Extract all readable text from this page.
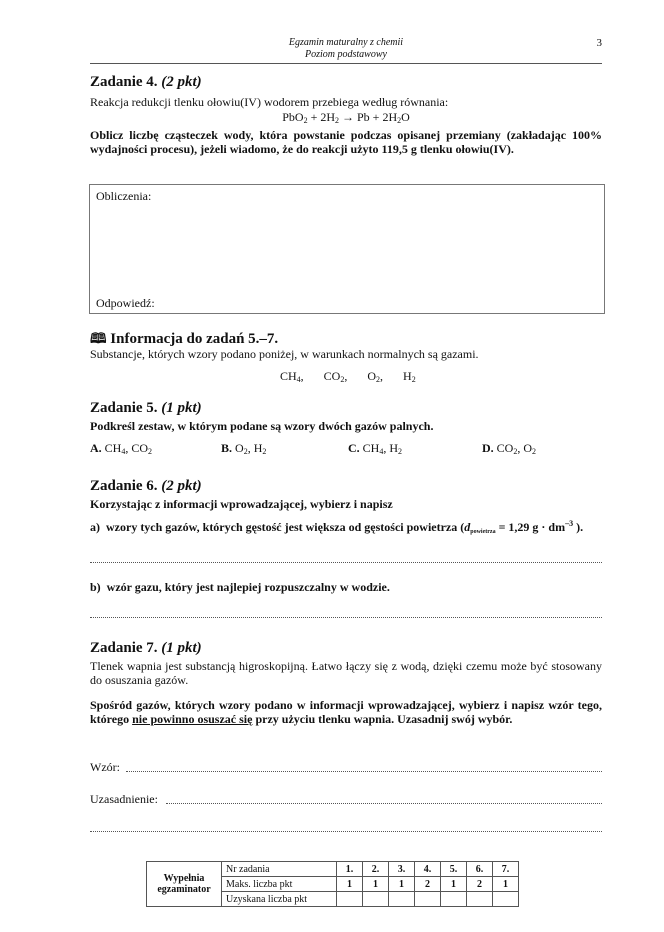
Egzamin maturalny z chemii
Poziom podstawowy
3
Zadanie 4. (2 pkt)
Reakcja redukcji tlenku ołowiu(IV) wodorem przebiega według równania:
$PbO_2 + 2H_2 \to Pb + 2H_2O$
Oblicz liczbę cząsteczek wody, która powstanie podczas opisanej przemiany (zakładając 100% wydajności procesu), jeżeli wiadomo, że do reakcji użyto 119,5 g tlenku ołowiu(IV).
Obliczenia:
Odpowiedź:
🕮 Informacja do zadań 5.–7.
Substancje, których wzory podano poniżej, w warunkach normalnych są gazami.
$CH_4$, $CO_2$, $O_2$, $H_2$
Zadanie 5. (1 pkt)
Podkreśl zestaw, w którym podane są wzory dwóch gazów palnych.
A. $CH_4$, $CO_2$	B. $O_2$, $H_2$	C. $CH_4$, $H_2$	D. $CO_2$, $O_2$
Zadanie 6. (2 pkt)
Korzystając z informacji wprowadzającej, wybierz i napisz
a)  wzory tych gazów, których gęstość jest większa od gęstości powietrza ($d_{powietrza} = 1,29$ $g \cdot dm^{-3}$ ).
b)  wzór gazu, który jest najlepiej rozpuszczalny w wodzie.
Zadanie 7. (1 pkt)
Tlenek wapnia jest substancją higroskopijną. Łatwo łączy się z wodą, dzięki czemu może być stosowany do osuszania gazów.
Spośród gazów, których wzory podano w informacji wprowadzającej, wybierz i napisz wzór tego, którego nie powinno osuszać się przy użyciu tlenku wapnia. Uzasadnij swój wybór.
Wzór:
Uzasadnienie:
Wypełnia egzaminator	Nr zadania	1.	2.	3.	4.	5.	6.	7.
	Maks. liczba pkt	1	1	1	2	1	2	1
	Uzyskana liczba pkt							
